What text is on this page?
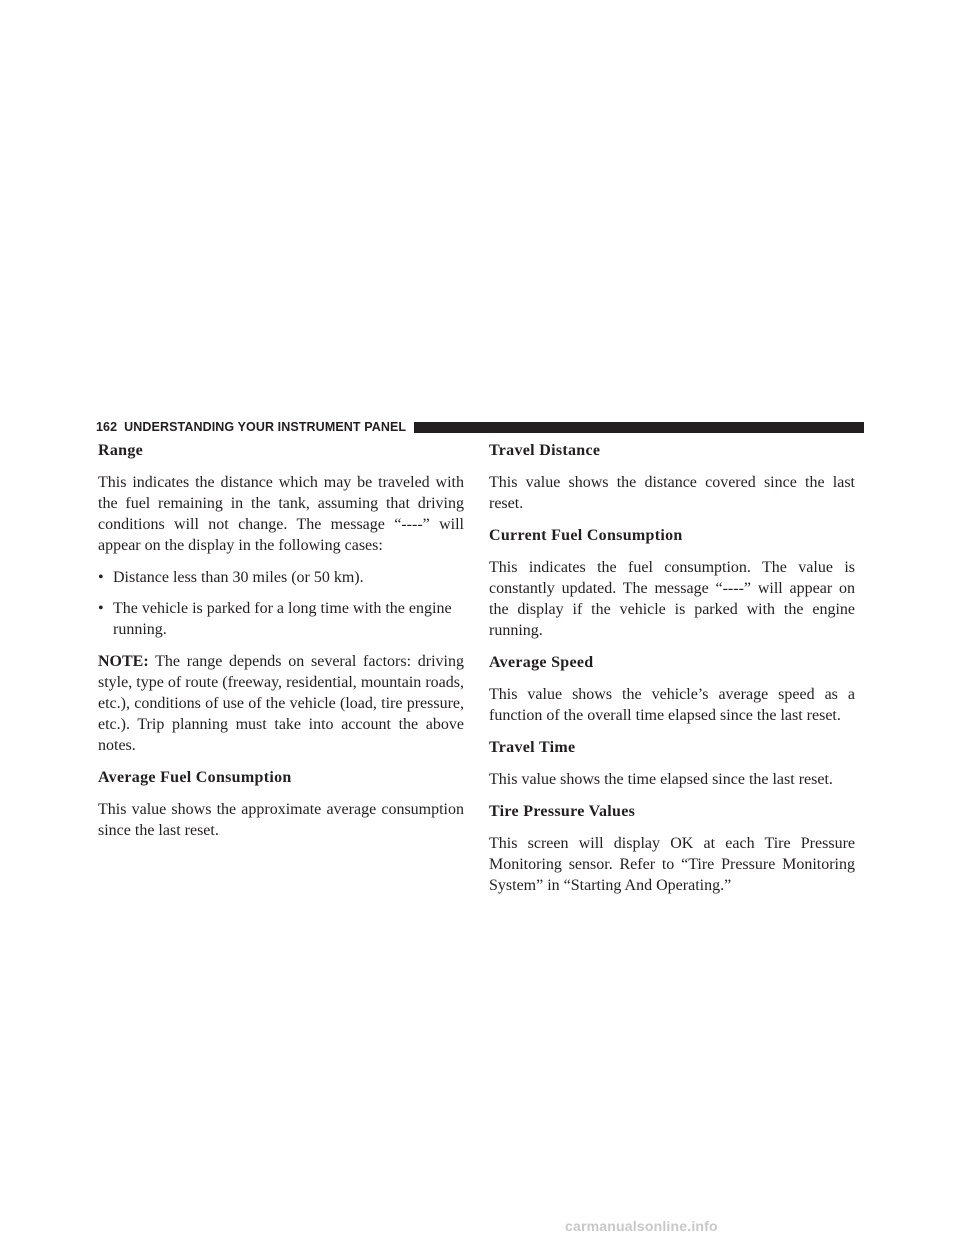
162 UNDERSTANDING YOUR INSTRUMENT PANEL
Range

This indicates the distance which may be traveled with the fuel remaining in the tank, assuming that driving conditions will not change. The message “----” will appear on the display in the following cases:

• Distance less than 30 miles (or 50 km).
• The vehicle is parked for a long time with the engine running.

NOTE: The range depends on several factors: driving style, type of route (freeway, residential, mountain roads, etc.), conditions of use of the vehicle (load, tire pressure, etc.). Trip planning must take into account the above notes.

Average Fuel Consumption

This value shows the approximate average consumption since the last reset.

Travel Distance

This value shows the distance covered since the last reset.

Current Fuel Consumption

This indicates the fuel consumption. The value is constantly updated. The message “----” will appear on the display if the vehicle is parked with the engine running.

Average Speed

This value shows the vehicle’s average speed as a function of the overall time elapsed since the last reset.

Travel Time

This value shows the time elapsed since the last reset.

Tire Pressure Values

This screen will display OK at each Tire Pressure Monitoring sensor. Refer to “Tire Pressure Monitoring System” in “Starting And Operating.”

carmanualsonline.info
